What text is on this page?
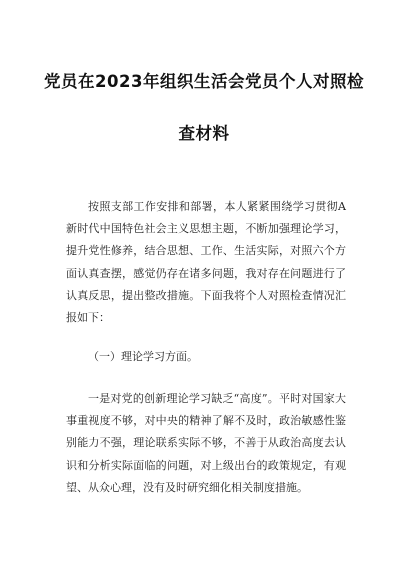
党员在2023年组织生活会党员个人对照检
查材料
按照支部工作安排和部署，本人紧紧围绕学习贯彻A新时代中国特色社会主义思想主题，不断加强理论学习，提升党性修养，结合思想、工作、生活实际，对照六个方面认真查摆，感觉仍存在诸多问题，我对存在问题进行了认真反思，提出整改措施。下面我将个人对照检查情况汇报如下：
（一）理论学习方面。
一是对党的创新理论学习缺乏“高度”。平时对国家大事重视度不够，对中央的精神了解不及时，政治敏感性鉴别能力不强，理论联系实际不够，不善于从政治高度去认识和分析实际面临的问题，对上级出台的政策规定，有观望、从众心理，没有及时研究细化相关制度措施。
